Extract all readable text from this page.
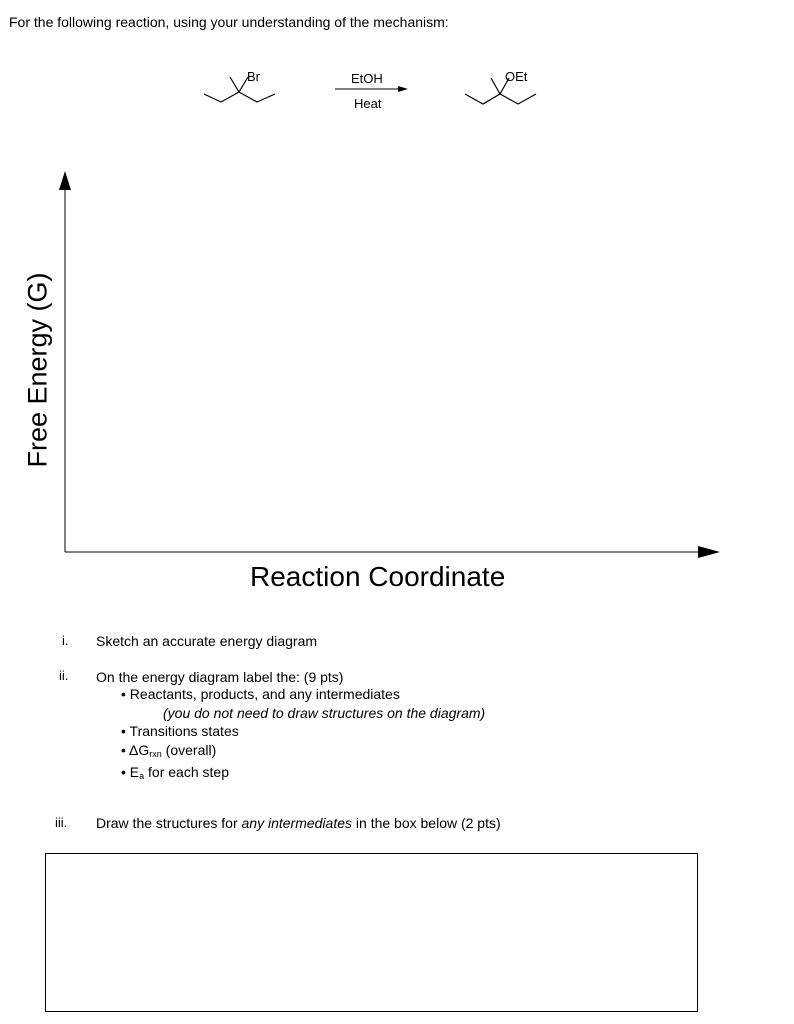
For the following reaction, using your understanding of the mechanism:
Br	EtOH
Heat
OEt
Free Energy (G)
Reaction Coordinate
i. Sketch an accurate energy diagram
ii. On the energy diagram label the: (9 pts)
• Reactants, products, and any intermediates
(you do not need to draw structures on the diagram)
• Transitions states
• $\Delta G_{rxn}$ (overall)
• $E_a$ for each step
iii. Draw the structures for any intermediates in the box below (2 pts)
